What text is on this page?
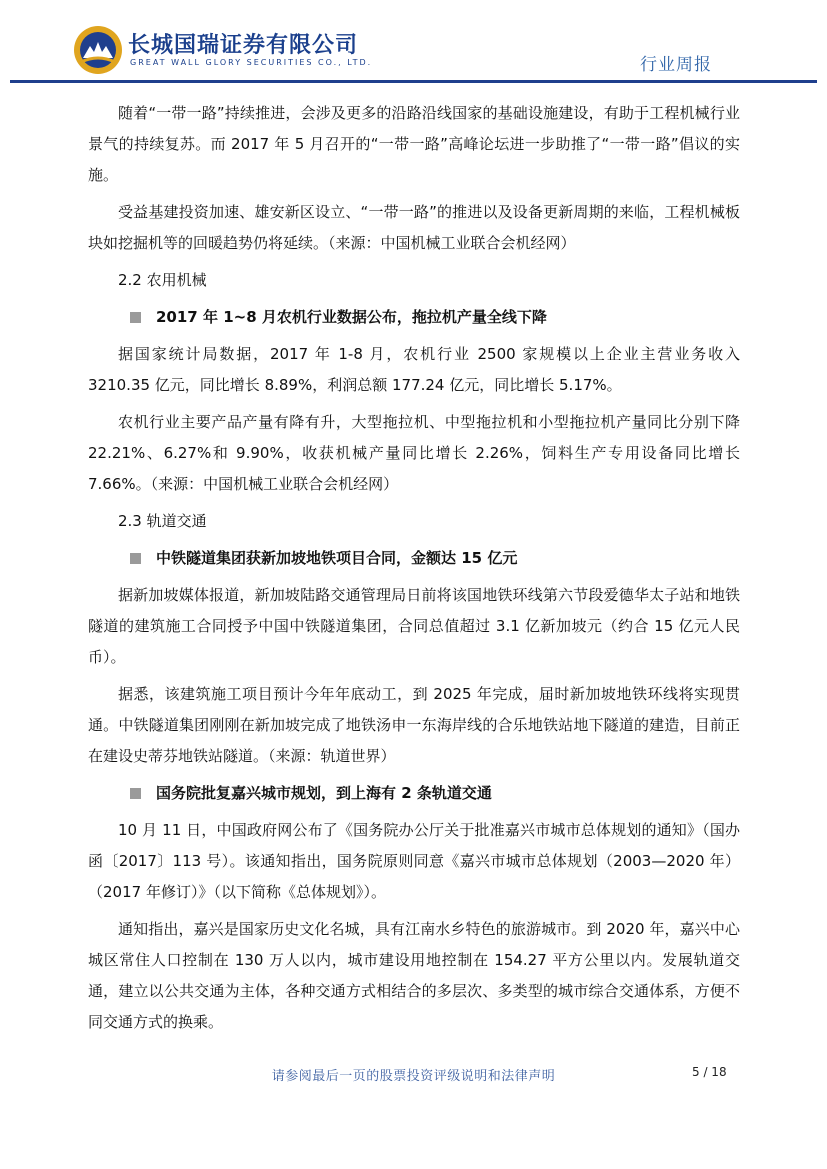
长城国瑞证券有限公司
GREAT WALL GLORY SECURITIES CO., LTD.	行业周报

随着“一带一路”持续推进，会涉及更多的沿路沿线国家的基础设施建设，有助于工程机械行业景气的持续复苏。而 2017 年 5 月召开的“一带一路”高峰论坛进一步助推了“一带一路”倡议的实施。

受益基建投资加速、雄安新区设立、“一带一路”的推进以及设备更新周期的来临，工程机械板块如挖掘机等的回暖趋势仍将延续。（来源：中国机械工业联合会机经网）

2.2 农用机械
2017 年 1~8 月农机行业数据公布，拖拉机产量全线下降

据国家统计局数据，2017 年 1-8 月，农机行业 2500 家规模以上企业主营业务收入 3210.35 亿元，同比增长 8.89%，利润总额 177.24 亿元，同比增长 5.17%。

农机行业主要产品产量有降有升，大型拖拉机、中型拖拉机和小型拖拉机产量同比分别下降 22.21%、6.27%和 9.90%，收获机械产量同比增长 2.26%，饲料生产专用设备同比增长 7.66%。（来源：中国机械工业联合会机经网）

2.3 轨道交通
中铁隧道集团获新加坡地铁项目合同，金额达 15 亿元

据新加坡媒体报道，新加坡陆路交通管理局日前将该国地铁环线第六节段爱德华太子站和地铁隧道的建筑施工合同授予中国中铁隧道集团，合同总值超过 3.1 亿新加坡元（约合 15 亿元人民币）。

据悉，该建筑施工项目预计今年年底动工，到 2025 年完成，届时新加坡地铁环线将实现贯通。中铁隧道集团刚刚在新加坡完成了地铁汤申一东海岸线的合乐地铁站地下隧道的建造，目前正在建设史蒂芬地铁站隧道。（来源：轨道世界）

国务院批复嘉兴城市规划，到上海有 2 条轨道交通

10 月 11 日，中国政府网公布了《国务院办公厅关于批准嘉兴市城市总体规划的通知》（国办函〔2017〕113 号）。该通知指出，国务院原则同意《嘉兴市城市总体规划（2003—2020 年）（2017 年修订）》（以下简称《总体规划》）。

通知指出，嘉兴是国家历史文化名城，具有江南水乡特色的旅游城市。到 2020 年，嘉兴中心城区常住人口控制在 130 万人以内，城市建设用地控制在 154.27 平方公里以内。发展轨道交通，建立以公共交通为主体，各种交通方式相结合的多层次、多类型的城市综合交通体系，方便不同交通方式的换乘。

请参阅最后一页的股票投资评级说明和法律声明	5 / 18
